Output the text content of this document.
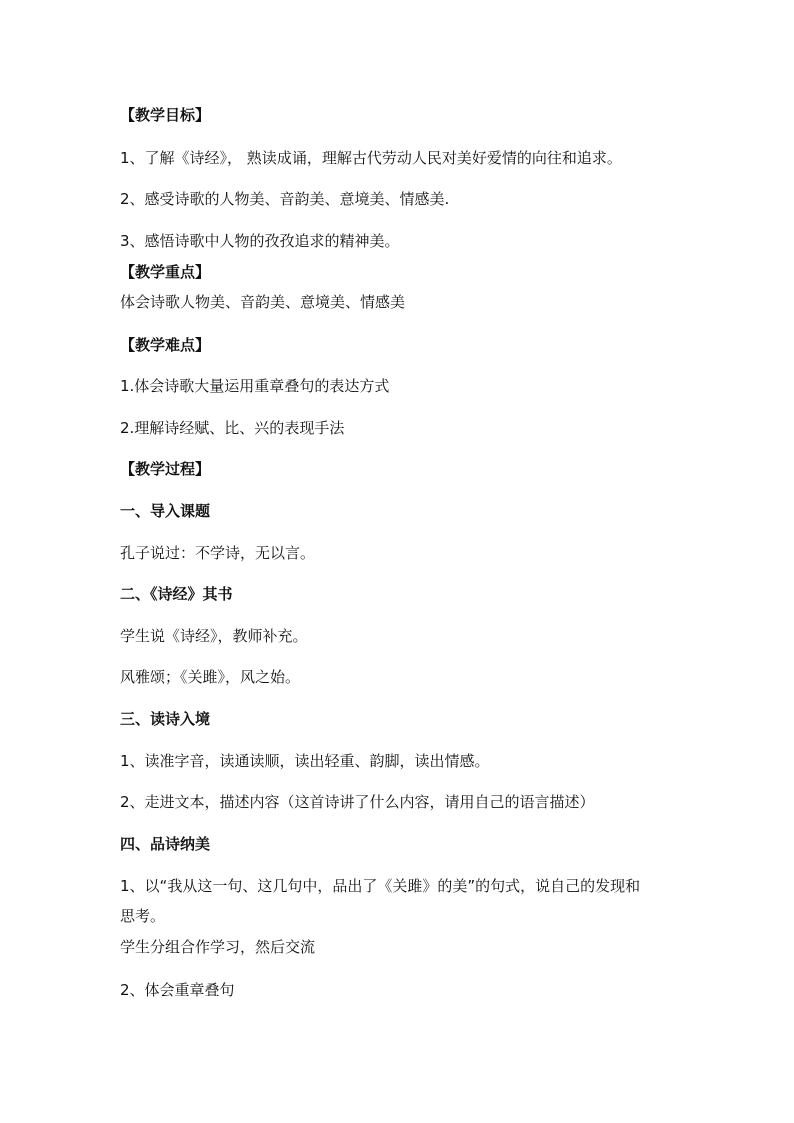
【教学目标】
1、了解《诗经》， 熟读成诵，理解古代劳动人民对美好爱情的向往和追求。
2、感受诗歌的人物美、音韵美、意境美、情感美.
3、感悟诗歌中人物的孜孜追求的精神美。
【教学重点】
体会诗歌人物美、音韵美、意境美、情感美
【教学难点】
1.体会诗歌大量运用重章叠句的表达方式
2.理解诗经赋、比、兴的表现手法
【教学过程】
一、导入课题
孔子说过：不学诗，无以言。
二、《诗经》其书
学生说《诗经》，教师补充。
风雅颂；《关雎》，风之始。
三、读诗入境
1、读准字音，读通读顺，读出轻重、韵脚，读出情感。
2、走进文本，描述内容（这首诗讲了什么内容，请用自己的语言描述）
四、品诗纳美
1、以“我从这一句、这几句中，品出了《关雎》的美”的句式，说自己的发现和
思考。
学生分组合作学习，然后交流
2、体会重章叠句
